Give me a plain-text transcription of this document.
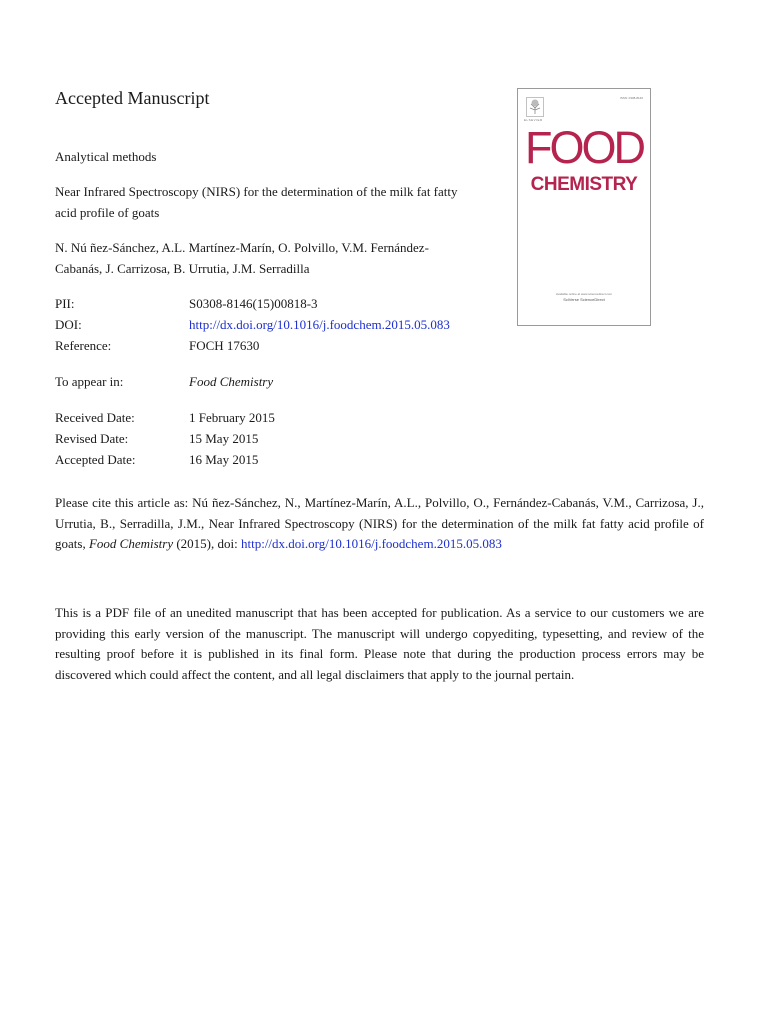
Accepted Manuscript
Analytical methods
Near Infrared Spectroscopy (NIRS) for the determination of the milk fat fatty
acid profile of goats
N. Nú ñez-Sánchez, A.L. Martínez-Marín, O. Polvillo, V.M. Fernández-
Cabanás, J. Carrizosa, B. Urrutia, J.M. Serradilla
PII:	S0308-8146(15)00818-3
DOI:	http://dx.doi.org/10.1016/j.foodchem.2015.05.083
Reference:	FOCH 17630
To appear in:	Food Chemistry
Received Date:	1 February 2015
Revised Date:	15 May 2015
Accepted Date:	16 May 2015
Please cite this article as: Nú ñez-Sánchez, N., Martínez-Marín, A.L., Polvillo, O., Fernández-Cabanás, V.M., Carrizosa, J., Urrutia, B., Serradilla, J.M., Near Infrared Spectroscopy (NIRS) for the determination of the milk fat fatty acid profile of goats, Food Chemistry (2015), doi: http://dx.doi.org/10.1016/j.foodchem.2015.05.083
This is a PDF file of an unedited manuscript that has been accepted for publication. As a service to our customers we are providing this early version of the manuscript. The manuscript will undergo copyediting, typesetting, and review of the resulting proof before it is published in its final form. Please note that during the production process errors may be discovered which could affect the content, and all legal disclaimers that apply to the journal pertain.
ELSEVIER
ISSN: 0308-8146
FOOD
CHEMISTRY
Available online at www.sciencedirect.com
SciVerse ScienceDirect
